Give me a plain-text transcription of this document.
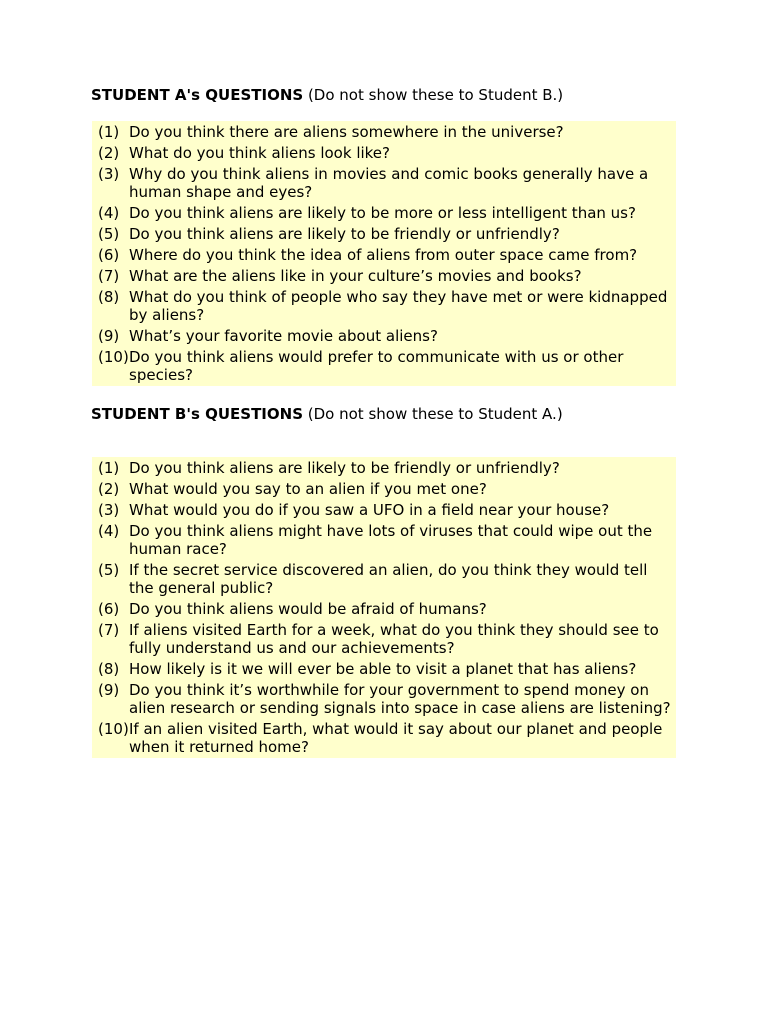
STUDENT A's QUESTIONS (Do not show these to Student B.)
(1)	Do you think there are aliens somewhere in the universe?
(2)	What do you think aliens look like?
(3)	Why do you think aliens in movies and comic books generally have a human shape and eyes?
(4)	Do you think aliens are likely to be more or less intelligent than us?
(5)	Do you think aliens are likely to be friendly or unfriendly?
(6)	Where do you think the idea of aliens from outer space came from?
(7)	What are the aliens like in your culture’s movies and books?
(8)	What do you think of people who say they have met or were kidnapped by aliens?
(9)	What’s your favorite movie about aliens?
(10)	Do you think aliens would prefer to communicate with us or other species?
STUDENT B's QUESTIONS (Do not show these to Student A.)
(1)	Do you think aliens are likely to be friendly or unfriendly?
(2)	What would you say to an alien if you met one?
(3)	What would you do if you saw a UFO in a field near your house?
(4)	Do you think aliens might have lots of viruses that could wipe out the human race?
(5)	If the secret service discovered an alien, do you think they would tell the general public?
(6)	Do you think aliens would be afraid of humans?
(7)	If aliens visited Earth for a week, what do you think they should see to fully understand us and our achievements?
(8)	How likely is it we will ever be able to visit a planet that has aliens?
(9)	Do you think it’s worthwhile for your government to spend money on alien research or sending signals into space in case aliens are listening?
(10)	If an alien visited Earth, what would it say about our planet and people when it returned home?
